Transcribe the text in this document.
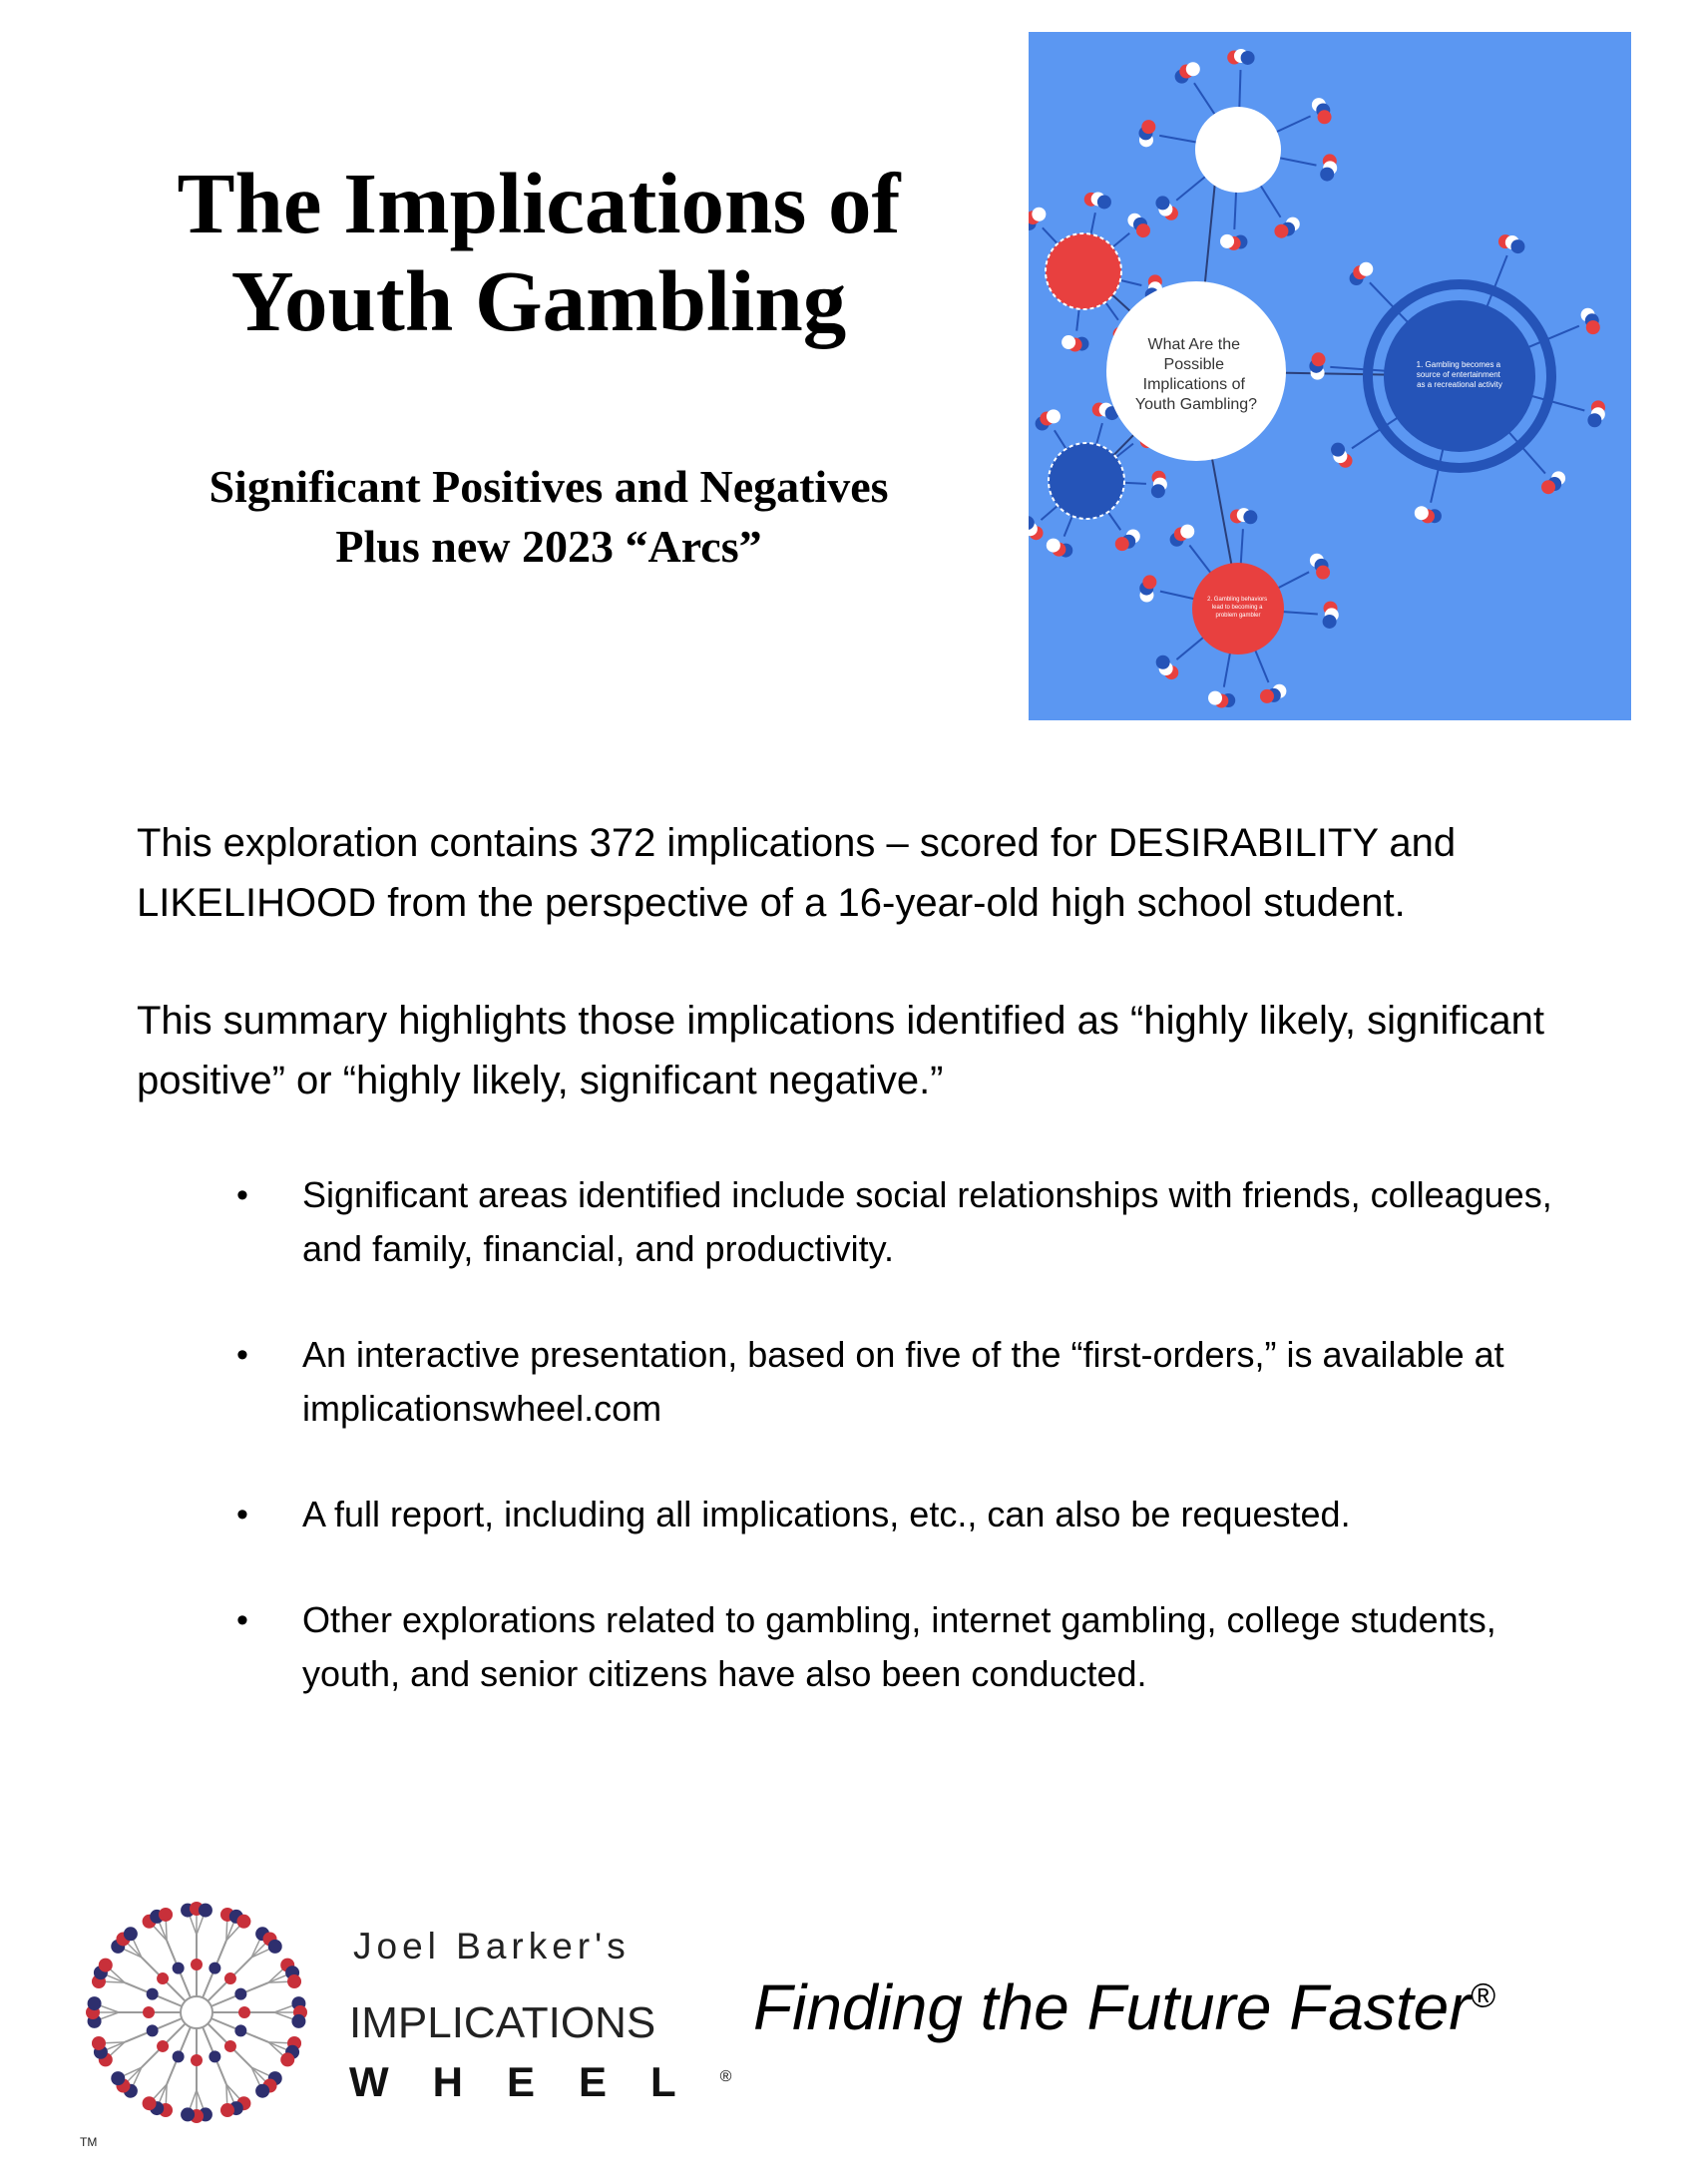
The Implications of
Youth Gambling
Significant Positives and Negatives
Plus new 2023 “Arcs”
What Are the Possible Implications of Youth Gambling?
1. Gambling becomes a source of entertainment as a recreational activity
2. Gambling behaviors lead to becoming a problem gambler

This exploration contains 372 implications – scored for DESIRABILITY and LIKELIHOOD from the perspective of a 16-year-old high school student.

This summary highlights those implications identified as “highly likely, significant positive” or “highly likely, significant negative.”

• Significant areas identified include social relationships with friends, colleagues, and family, financial, and productivity.
• An interactive presentation, based on five of the “first-orders,” is available at implicationswheel.com
• A full report, including all implications, etc., can also be requested.
• Other explorations related to gambling, internet gambling, college students, youth, and senior citizens have also been conducted.
TM
Joel Barker's
IMPLICATIONS
WHEEL®
Finding the Future Faster®
